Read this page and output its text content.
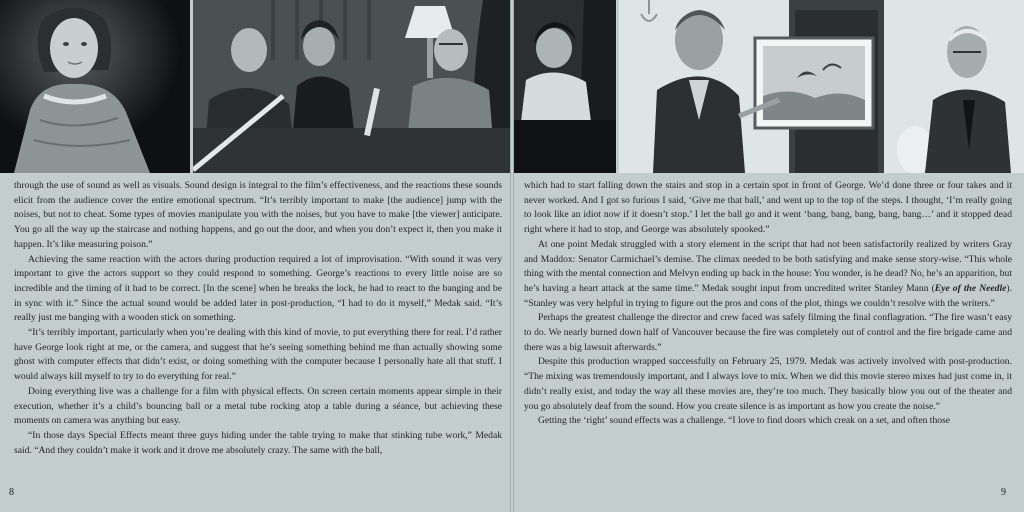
through the use of sound as well as visuals. Sound design is integral to the film’s effectiveness, and the reactions these sounds elicit from the audience cover the entire emotional spectrum. “It’s terribly important to make [the audience] jump with the noises, but not to cheat. Some types of movies manipulate you with the noises, but you have to make [the viewer] anticipate. You go all the way up the staircase and nothing happens, and go out the door, and when you don’t expect it, then you make it happen. It’s like measuring poison.”

Achieving the same reaction with the actors during production required a lot of improvisation. “With sound it was very important to give the actors support so they could respond to something. George’s reactions to every little noise are so incredible and the timing of it had to be correct. [In the scene] when he breaks the lock, he had to react to the banging and be in sync with it.” Since the actual sound would be added later in post-production, “I had to do it myself,” Medak said. “It’s really just me banging with a wooden stick on something.

“It’s terribly important, particularly when you’re dealing with this kind of movie, to put everything there for real. I’d rather have George look right at me, or the camera, and suggest that he’s seeing something behind me than actually showing some ghost with computer effects that didn’t exist, or doing something with the computer because I personally hate all that stuff. I would always kill myself to try to do everything for real.”

Doing everything live was a challenge for a film with physical effects. On screen certain moments appear simple in their execution, whether it’s a child’s bouncing ball or a metal tube rocking atop a table during a séance, but achieving these moments on camera was anything but easy.

“In those days Special Effects meant three guys hiding under the table trying to make that stinking tube work,” Medak said. “And they couldn’t make it work and it drove me absolutely crazy. The same with the ball,

8

which had to start falling down the stairs and stop in a certain spot in front of George. We’d done three or four takes and it never worked. And I got so furious I said, ‘Give me that ball,’ and went up to the top of the steps. I thought, ‘I’m really going to look like an idiot now if it doesn’t stop.’ I let the ball go and it went ‘bang, bang, bang, bang, bang…’ and it stopped dead right where it had to stop, and George was absolutely spooked.”

At one point Medak struggled with a story element in the script that had not been satisfactorily realized by writers Gray and Maddox: Senator Carmichael’s demise. The climax needed to be both satisfying and make sense story-wise. “This whole thing with the mental connection and Melvyn ending up back in the house: You wonder, is he dead? No, he’s an apparition, but he’s having a heart attack at the same time.” Medak sought input from uncredited writer Stanley Mann (Eye of the Needle). “Stanley was very helpful in trying to figure out the pros and cons of the plot, things we couldn’t resolve with the writers.”

Perhaps the greatest challenge the director and crew faced was safely filming the final conflagration. “The fire wasn’t easy to do. We nearly burned down half of Vancouver because the fire was completely out of control and the fire brigade came and there was a big lawsuit afterwards.”

Despite this production wrapped successfully on February 25, 1979. Medak was actively involved with post-production. “The mixing was tremendously important, and I always love to mix. When we did this movie stereo mixes had just come in, it didn’t really exist, and today the way all these movies are, they’re too much. They basically blow you out of the theater and you go absolutely deaf from the sound. How you create silence is as important as how you create the noise.”

Getting the ‘right’ sound effects was a challenge. “I love to find doors which creak on a set, and often those

9
